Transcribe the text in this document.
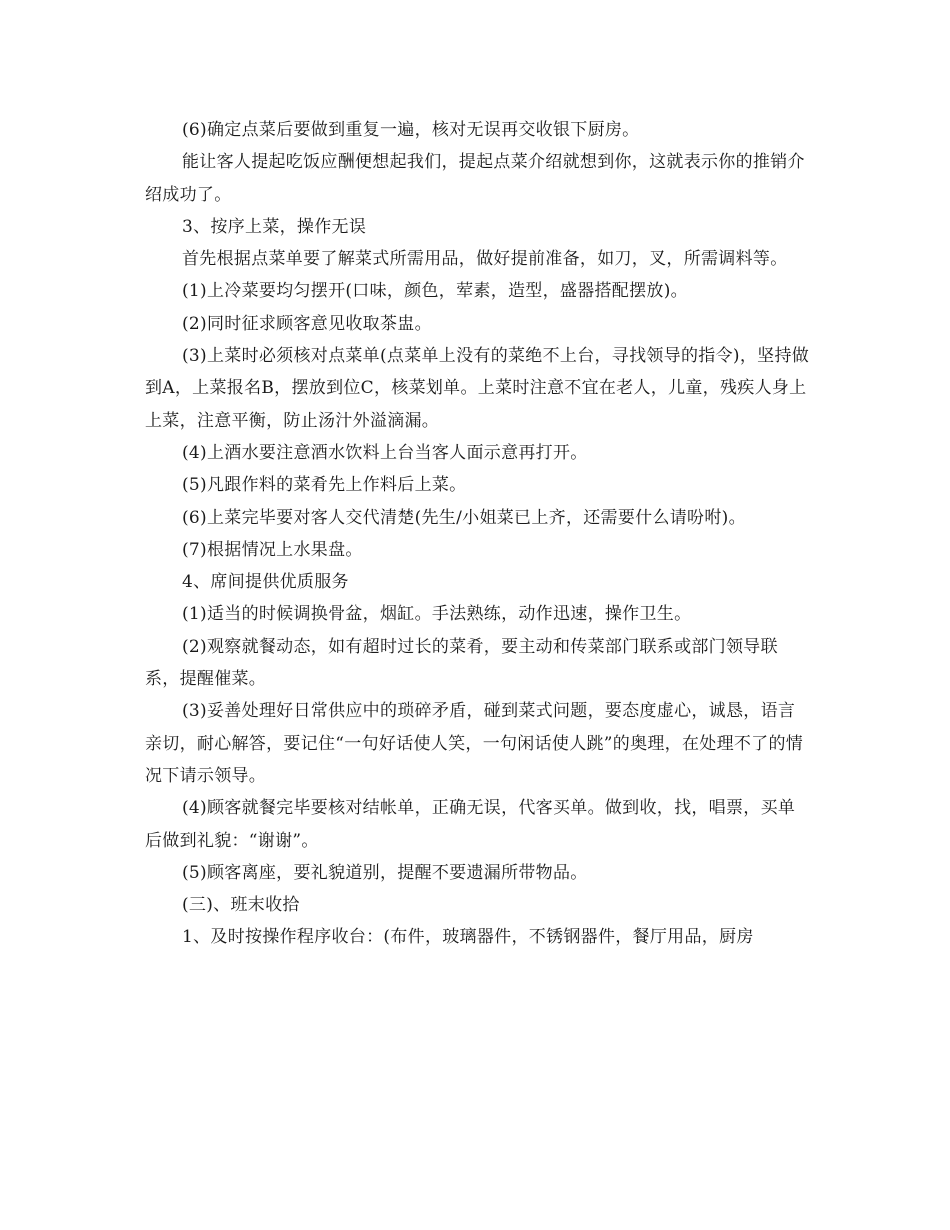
(6)确定点菜后要做到重复一遍，核对无误再交收银下厨房。

能让客人提起吃饭应酬便想起我们，提起点菜介绍就想到你，这就表示你的推销介绍成功了。

3、按序上菜，操作无误

首先根据点菜单要了解菜式所需用品，做好提前准备，如刀，叉，所需调料等。

(1)上冷菜要均匀摆开(口味，颜色，荤素，造型，盛器搭配摆放)。

(2)同时征求顾客意见收取茶盅。

(3)上菜时必须核对点菜单(点菜单上没有的菜绝不上台，寻找领导的指令)，坚持做到A，上菜报名B，摆放到位C，核菜划单。上菜时注意不宜在老人，儿童，残疾人身上上菜，注意平衡，防止汤汁外溢滴漏。

(4)上酒水要注意酒水饮料上台当客人面示意再打开。

(5)凡跟作料的菜肴先上作料后上菜。

(6)上菜完毕要对客人交代清楚(先生/小姐菜已上齐，还需要什么请吩咐)。

(7)根据情况上水果盘。

4、席间提供优质服务

(1)适当的时候调换骨盆，烟缸。手法熟练，动作迅速，操作卫生。

(2)观察就餐动态，如有超时过长的菜肴，要主动和传菜部门联系或部门领导联系，提醒催菜。

(3)妥善处理好日常供应中的琐碎矛盾，碰到菜式问题，要态度虚心，诚恳，语言亲切，耐心解答，要记住“一句好话使人笑，一句闲话使人跳”的奥理，在处理不了的情况下请示领导。

(4)顾客就餐完毕要核对结帐单，正确无误，代客买单。做到收，找，唱票，买单后做到礼貌：“谢谢”。

(5)顾客离座，要礼貌道别，提醒不要遗漏所带物品。

(三)、班末收拾

1、及时按操作程序收台：(布件，玻璃器件，不锈钢器件，餐厅用品，厨房
